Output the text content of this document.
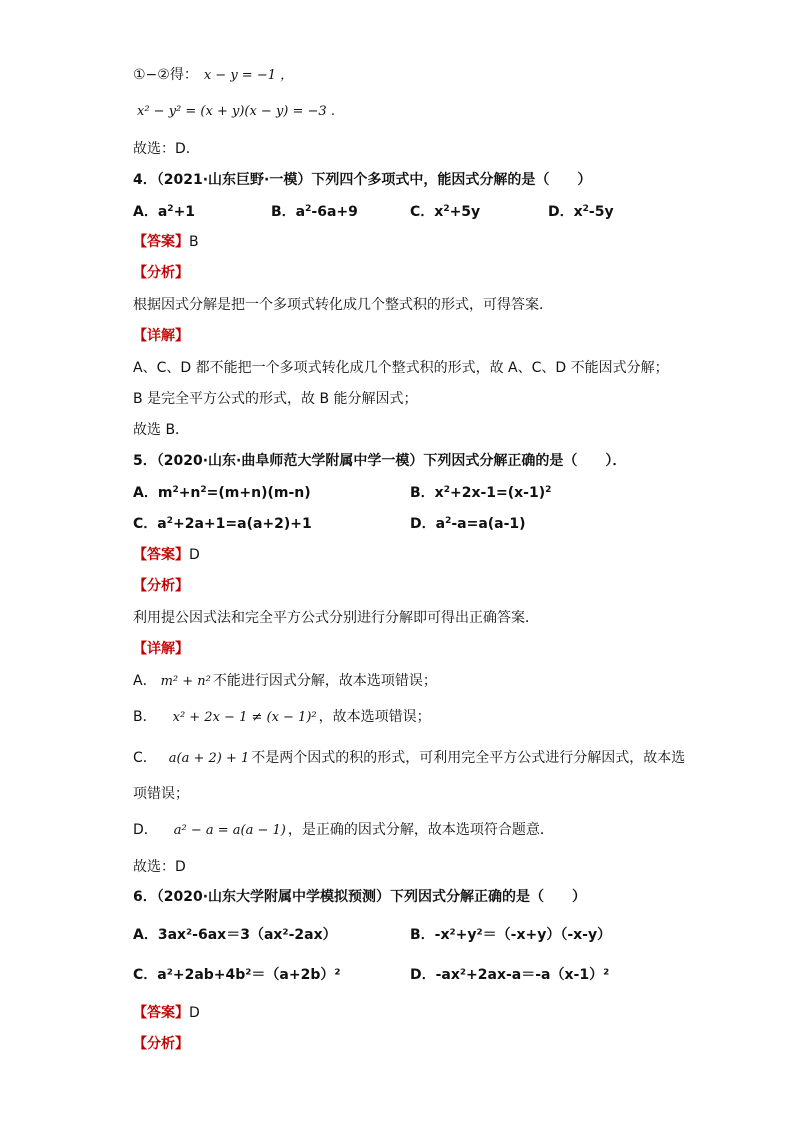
①−②得： x − y = −1 ，
x² − y² = (x + y)(x − y) = −3 .
故选：D．
4．（2021·山东巨野·一模）下列四个多项式中，能因式分解的是（　　）
A．$a^2+1$	B．$a^2-6a+9$	C．$x^2+5y$	D．$x^2-5y$
【答案】B
【分析】
根据因式分解是把一个多项式转化成几个整式积的形式，可得答案．
【详解】
A、C、D 都不能把一个多项式转化成几个整式积的形式，故 A、C、D 不能因式分解；
B 是完全平方公式的形式，故 B 能分解因式；
故选 B．
5．（2020·山东·曲阜师范大学附属中学一模）下列因式分解正确的是（　　）．
A．$m^2+n^2=(m+n)(m-n)$	B．$x^2+2x-1=(x-1)^2$
C．$a^2+2a+1=a(a+2)+1$	D．$a^2-a=a(a-1)$
【答案】D
【分析】
利用提公因式法和完全平方公式分别进行分解即可得出正确答案．
【详解】
A． m² + n² 不能进行因式分解，故本选项错误；
B． x² + 2x − 1 ≠ (x − 1)² ，故本选项错误；
C． a(a + 2) + 1 不是两个因式的积的形式，可利用完全平方公式进行分解因式，故本选
项错误；
D． a² − a = a(a − 1) ，是正确的因式分解，故本选项符合题意．
故选：D
6．（2020·山东大学附属中学模拟预测）下列因式分解正确的是（　　）
A．3ax²-6ax＝3（ax²-2ax）	B．-x²+y²＝（-x+y）（-x-y）
C．a²+2ab+4b²＝（a+2b）²	D．-ax²+2ax-a＝-a（x-1）²
【答案】D
【分析】
